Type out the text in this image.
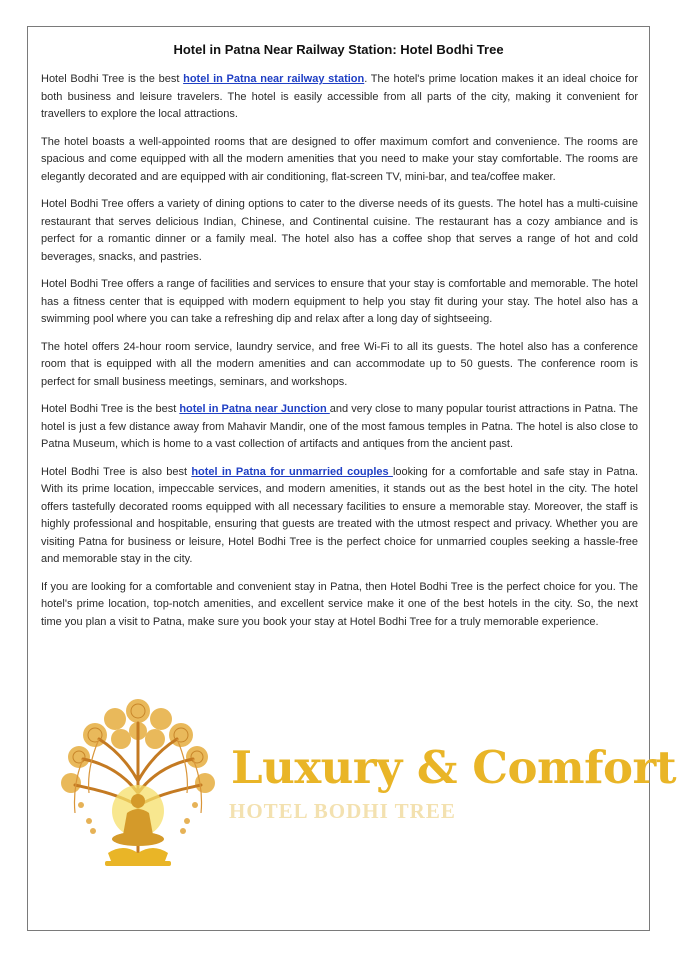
Hotel in Patna Near Railway Station: Hotel Bodhi Tree

Hotel Bodhi Tree is the best hotel in Patna near railway station. The hotel's prime location makes it an ideal choice for both business and leisure travelers. The hotel is easily accessible from all parts of the city, making it convenient for travellers to explore the local attractions.

The hotel boasts a well-appointed rooms that are designed to offer maximum comfort and convenience. The rooms are spacious and come equipped with all the modern amenities that you need to make your stay comfortable. The rooms are elegantly decorated and are equipped with air conditioning, flat-screen TV, mini-bar, and tea/coffee maker.

Hotel Bodhi Tree offers a variety of dining options to cater to the diverse needs of its guests. The hotel has a multi-cuisine restaurant that serves delicious Indian, Chinese, and Continental cuisine. The restaurant has a cozy ambiance and is perfect for a romantic dinner or a family meal. The hotel also has a coffee shop that serves a range of hot and cold beverages, snacks, and pastries.

Hotel Bodhi Tree offers a range of facilities and services to ensure that your stay is comfortable and memorable. The hotel has a fitness center that is equipped with modern equipment to help you stay fit during your stay. The hotel also has a swimming pool where you can take a refreshing dip and relax after a long day of sightseeing.

The hotel offers 24-hour room service, laundry service, and free Wi-Fi to all its guests. The hotel also has a conference room that is equipped with all the modern amenities and can accommodate up to 50 guests. The conference room is perfect for small business meetings, seminars, and workshops.

Hotel Bodhi Tree is the best hotel in Patna near Junction and very close to many popular tourist attractions in Patna. The hotel is just a few distance away from Mahavir Mandir, one of the most famous temples in Patna. The hotel is also close to Patna Museum, which is home to a vast collection of artifacts and antiques from the ancient past.

Hotel Bodhi Tree is also best hotel in Patna for unmarried couples looking for a comfortable and safe stay in Patna. With its prime location, impeccable services, and modern amenities, it stands out as the best hotel in the city. The hotel offers tastefully decorated rooms equipped with all necessary facilities to ensure a memorable stay. Moreover, the staff is highly professional and hospitable, ensuring that guests are treated with the utmost respect and privacy. Whether you are visiting Patna for business or leisure, Hotel Bodhi Tree is the perfect choice for unmarried couples seeking a hassle-free and memorable stay in the city.

If you are looking for a comfortable and convenient stay in Patna, then Hotel Bodhi Tree is the perfect choice for you. The hotel's prime location, top-notch amenities, and excellent service make it one of the best hotels in the city. So, the next time you plan a visit to Patna, make sure you book your stay at Hotel Bodhi Tree for a truly memorable experience.

Luxury & Comfort
HOTEL BODHI TREE
